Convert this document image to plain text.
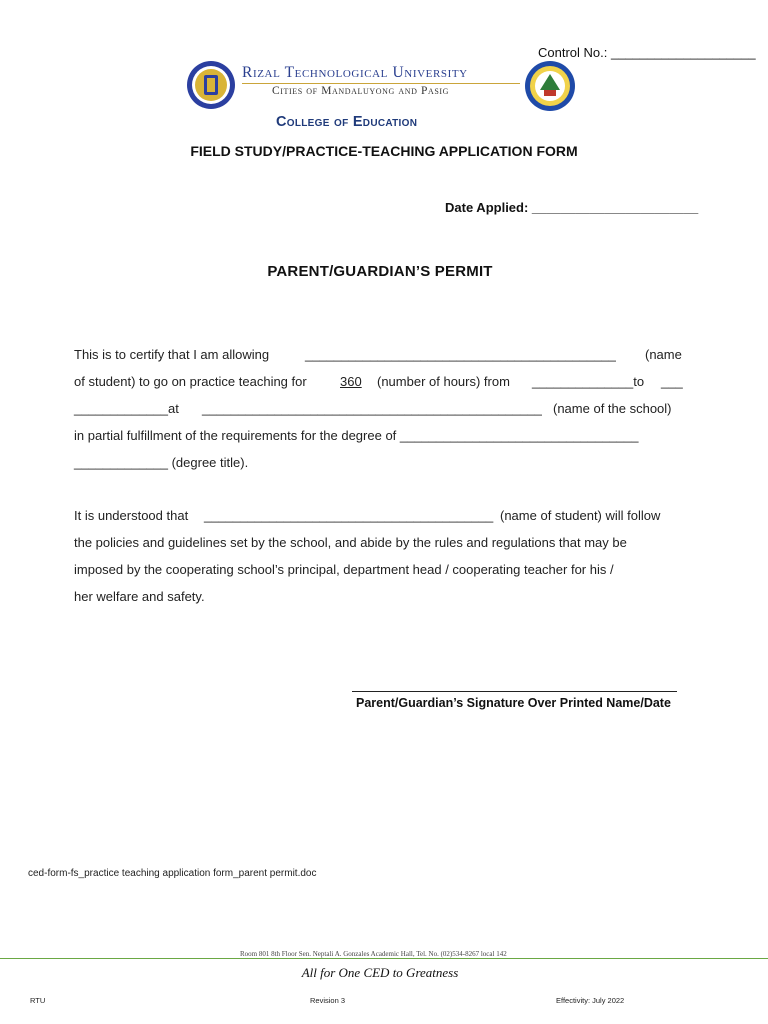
Control No.: ____________________
Rizal Technological University
Cities of Mandaluyong and Pasig
College of Education
FIELD STUDY/PRACTICE-TEACHING APPLICATION FORM
Date Applied: _______________________
PARENT/GUARDIAN’S PERMIT
This is to certify that I am allowing	___________________________________________ (name
of student) to go on practice teaching for	360 (number of hours) from ______________to ___
_____________at _______________________________________________ (name of the school)
in partial fulfillment of the requirements for the degree of _________________________________
_____________ (degree title).
It is understood that ________________________________________ (name of student) will follow
the policies and guidelines set by the school, and abide by the rules and regulations that may be
imposed by the cooperating school’s principal, department head / cooperating teacher for his /
her welfare and safety.
Parent/Guardian’s Signature Over Printed Name/Date
ced-form-fs_practice teaching application form_parent permit.doc
Room 801 8th Floor Sen. Neptali A. Gonzales Academic Hall, Tel. No. (02)534-8267 local 142
All for One CED to Greatness
RTU	Revision 3	Effectivity: July 2022
